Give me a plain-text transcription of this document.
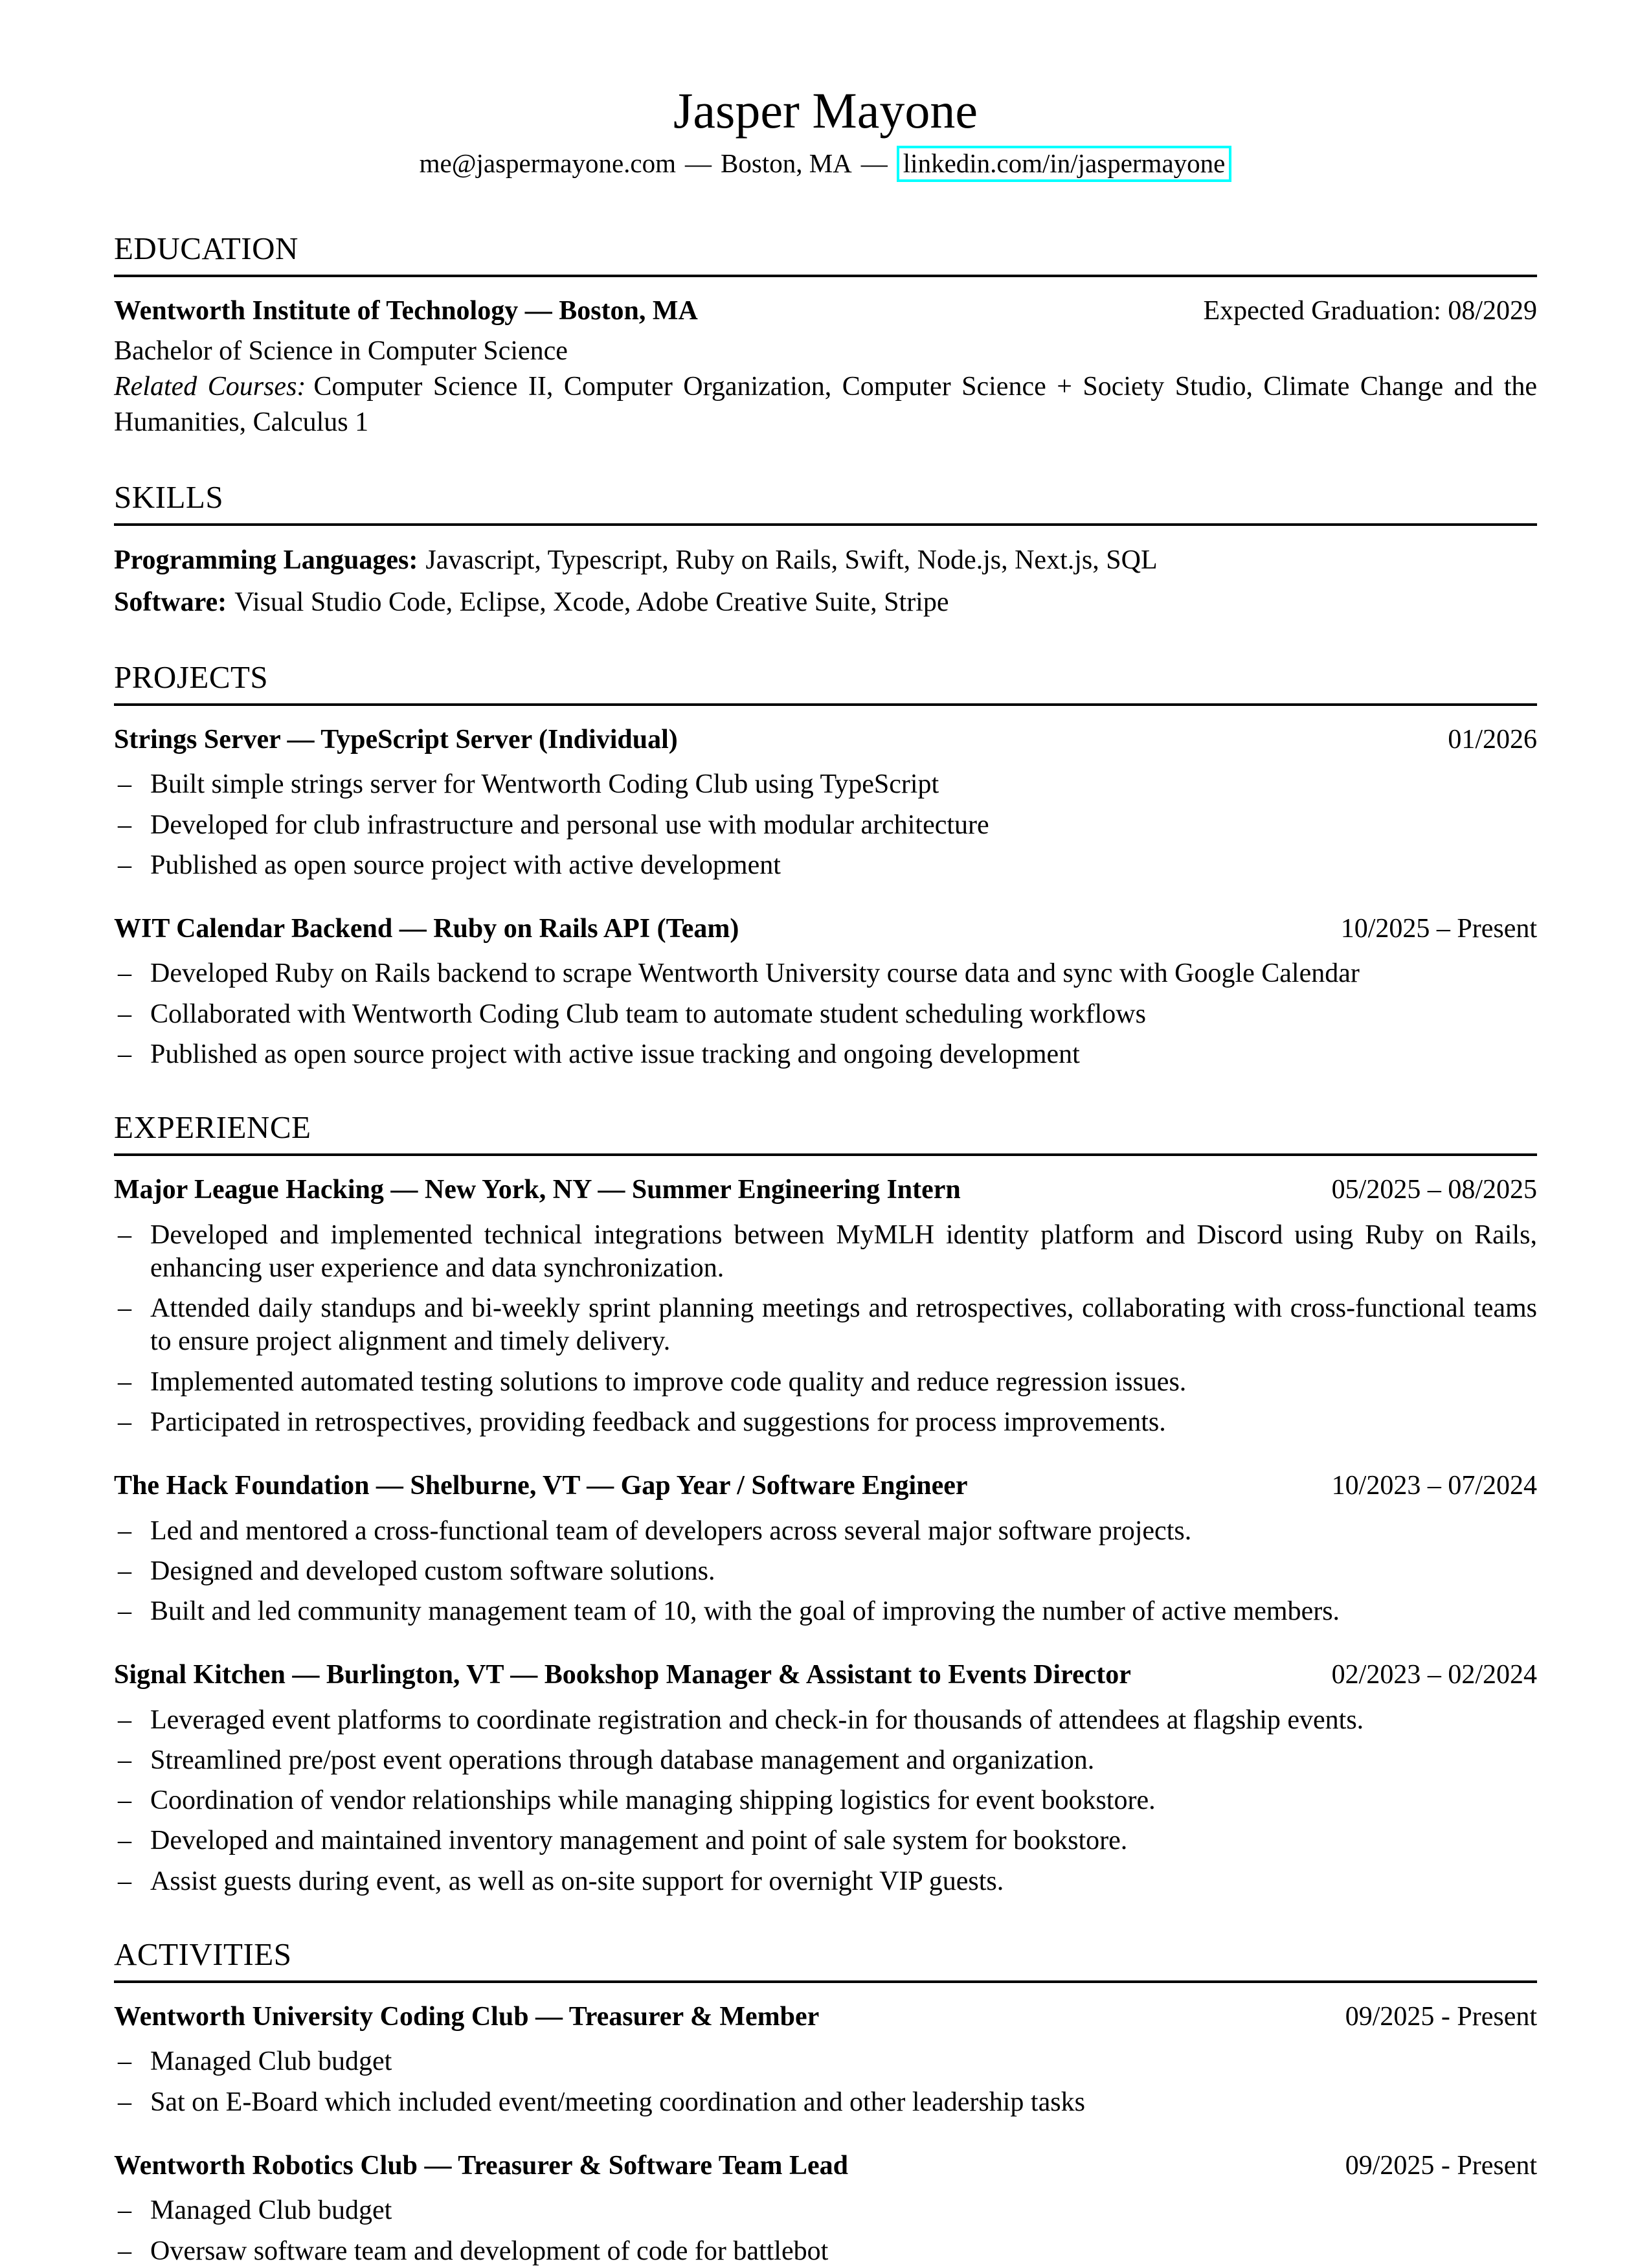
Jasper Mayone
me@jaspermayone.com — Boston, MA — linkedin.com/in/jaspermayone
EDUCATION
Wentworth Institute of Technology — Boston, MA	Expected Graduation: 08/2029
Bachelor of Science in Computer Science
Related Courses: Computer Science II, Computer Organization, Computer Science + Society Studio, Climate Change and the Humanities, Calculus 1
SKILLS
Programming Languages: Javascript, Typescript, Ruby on Rails, Swift, Node.js, Next.js, SQL
Software: Visual Studio Code, Eclipse, Xcode, Adobe Creative Suite, Stripe
PROJECTS
Strings Server — TypeScript Server (Individual)	01/2026
– Built simple strings server for Wentworth Coding Club using TypeScript
– Developed for club infrastructure and personal use with modular architecture
– Published as open source project with active development
WIT Calendar Backend — Ruby on Rails API (Team)	10/2025 – Present
– Developed Ruby on Rails backend to scrape Wentworth University course data and sync with Google Calendar
– Collaborated with Wentworth Coding Club team to automate student scheduling workflows
– Published as open source project with active issue tracking and ongoing development
EXPERIENCE
Major League Hacking — New York, NY — Summer Engineering Intern	05/2025 – 08/2025
– Developed and implemented technical integrations between MyMLH identity platform and Discord using Ruby on Rails, enhancing user experience and data synchronization.
– Attended daily standups and bi-weekly sprint planning meetings and retrospectives, collaborating with cross-functional teams to ensure project alignment and timely delivery.
– Implemented automated testing solutions to improve code quality and reduce regression issues.
– Participated in retrospectives, providing feedback and suggestions for process improvements.
The Hack Foundation — Shelburne, VT — Gap Year / Software Engineer	10/2023 – 07/2024
– Led and mentored a cross-functional team of developers across several major software projects.
– Designed and developed custom software solutions.
– Built and led community management team of 10, with the goal of improving the number of active members.
Signal Kitchen — Burlington, VT — Bookshop Manager & Assistant to Events Director	02/2023 – 02/2024
– Leveraged event platforms to coordinate registration and check-in for thousands of attendees at flagship events.
– Streamlined pre/post event operations through database management and organization.
– Coordination of vendor relationships while managing shipping logistics for event bookstore.
– Developed and maintained inventory management and point of sale system for bookstore.
– Assist guests during event, as well as on-site support for overnight VIP guests.
ACTIVITIES
Wentworth University Coding Club — Treasurer & Member	09/2025 - Present
– Managed Club budget
– Sat on E-Board which included event/meeting coordination and other leadership tasks
Wentworth Robotics Club — Treasurer & Software Team Lead	09/2025 - Present
– Managed Club budget
– Oversaw software team and development of code for battlebot
